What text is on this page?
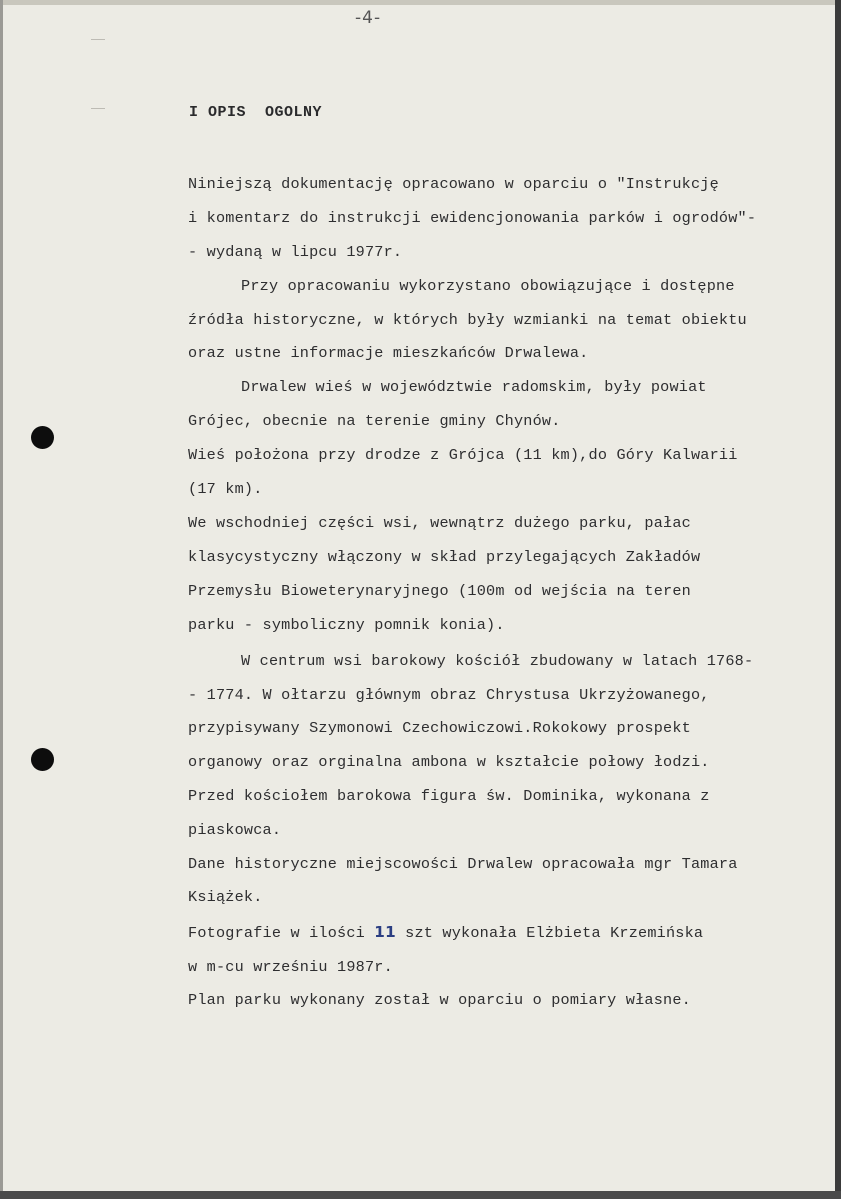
-4-
I OPIS  OGOLNY
Niniejszą dokumentację opracowano w oparciu o "Instrukcję
i komentarz do instrukcji ewidencjonowania parków i ogrodów"-
- wydaną w lipcu 1977r.
Przy opracowaniu wykorzystano obowiązujące i dostępne
źródła historyczne, w których były wzmianki na temat obiektu
oraz ustne informacje mieszkańców Drwalewa.
Drwalew wieś w województwie radomskim, były powiat
Grójec, obecnie na terenie gminy Chynów.
Wieś położona przy drodze z Grójca (11 km),do Góry Kalwarii
(17 km).
We wschodniej części wsi, wewnątrz dużego parku, pałac
klasycystyczny włączony w skład przylegających Zakładów
Przemysłu Bioweterynaryjnego (100m od wejścia na teren
parku - symboliczny pomnik konia).
W centrum wsi barokowy kościół zbudowany w latach 1768-
- 1774. W ołtarzu głównym obraz Chrystusa Ukrzyżowanego,
przypisywany Szymonowi Czechowiczowi.Rokokowy prospekt
organowy oraz orginalna ambona w kształcie połowy łodzi.
Przed kościołem barokowa figura św. Dominika, wykonana z
piaskowca.
Dane historyczne miejscowości Drwalew opracowała mgr Tamara
Książek.
Fotografie w ilości 11 szt wykonała Elżbieta Krzemińska
w m-cu wrześniu 1987r.
Plan parku wykonany został w oparciu o pomiary własne.
